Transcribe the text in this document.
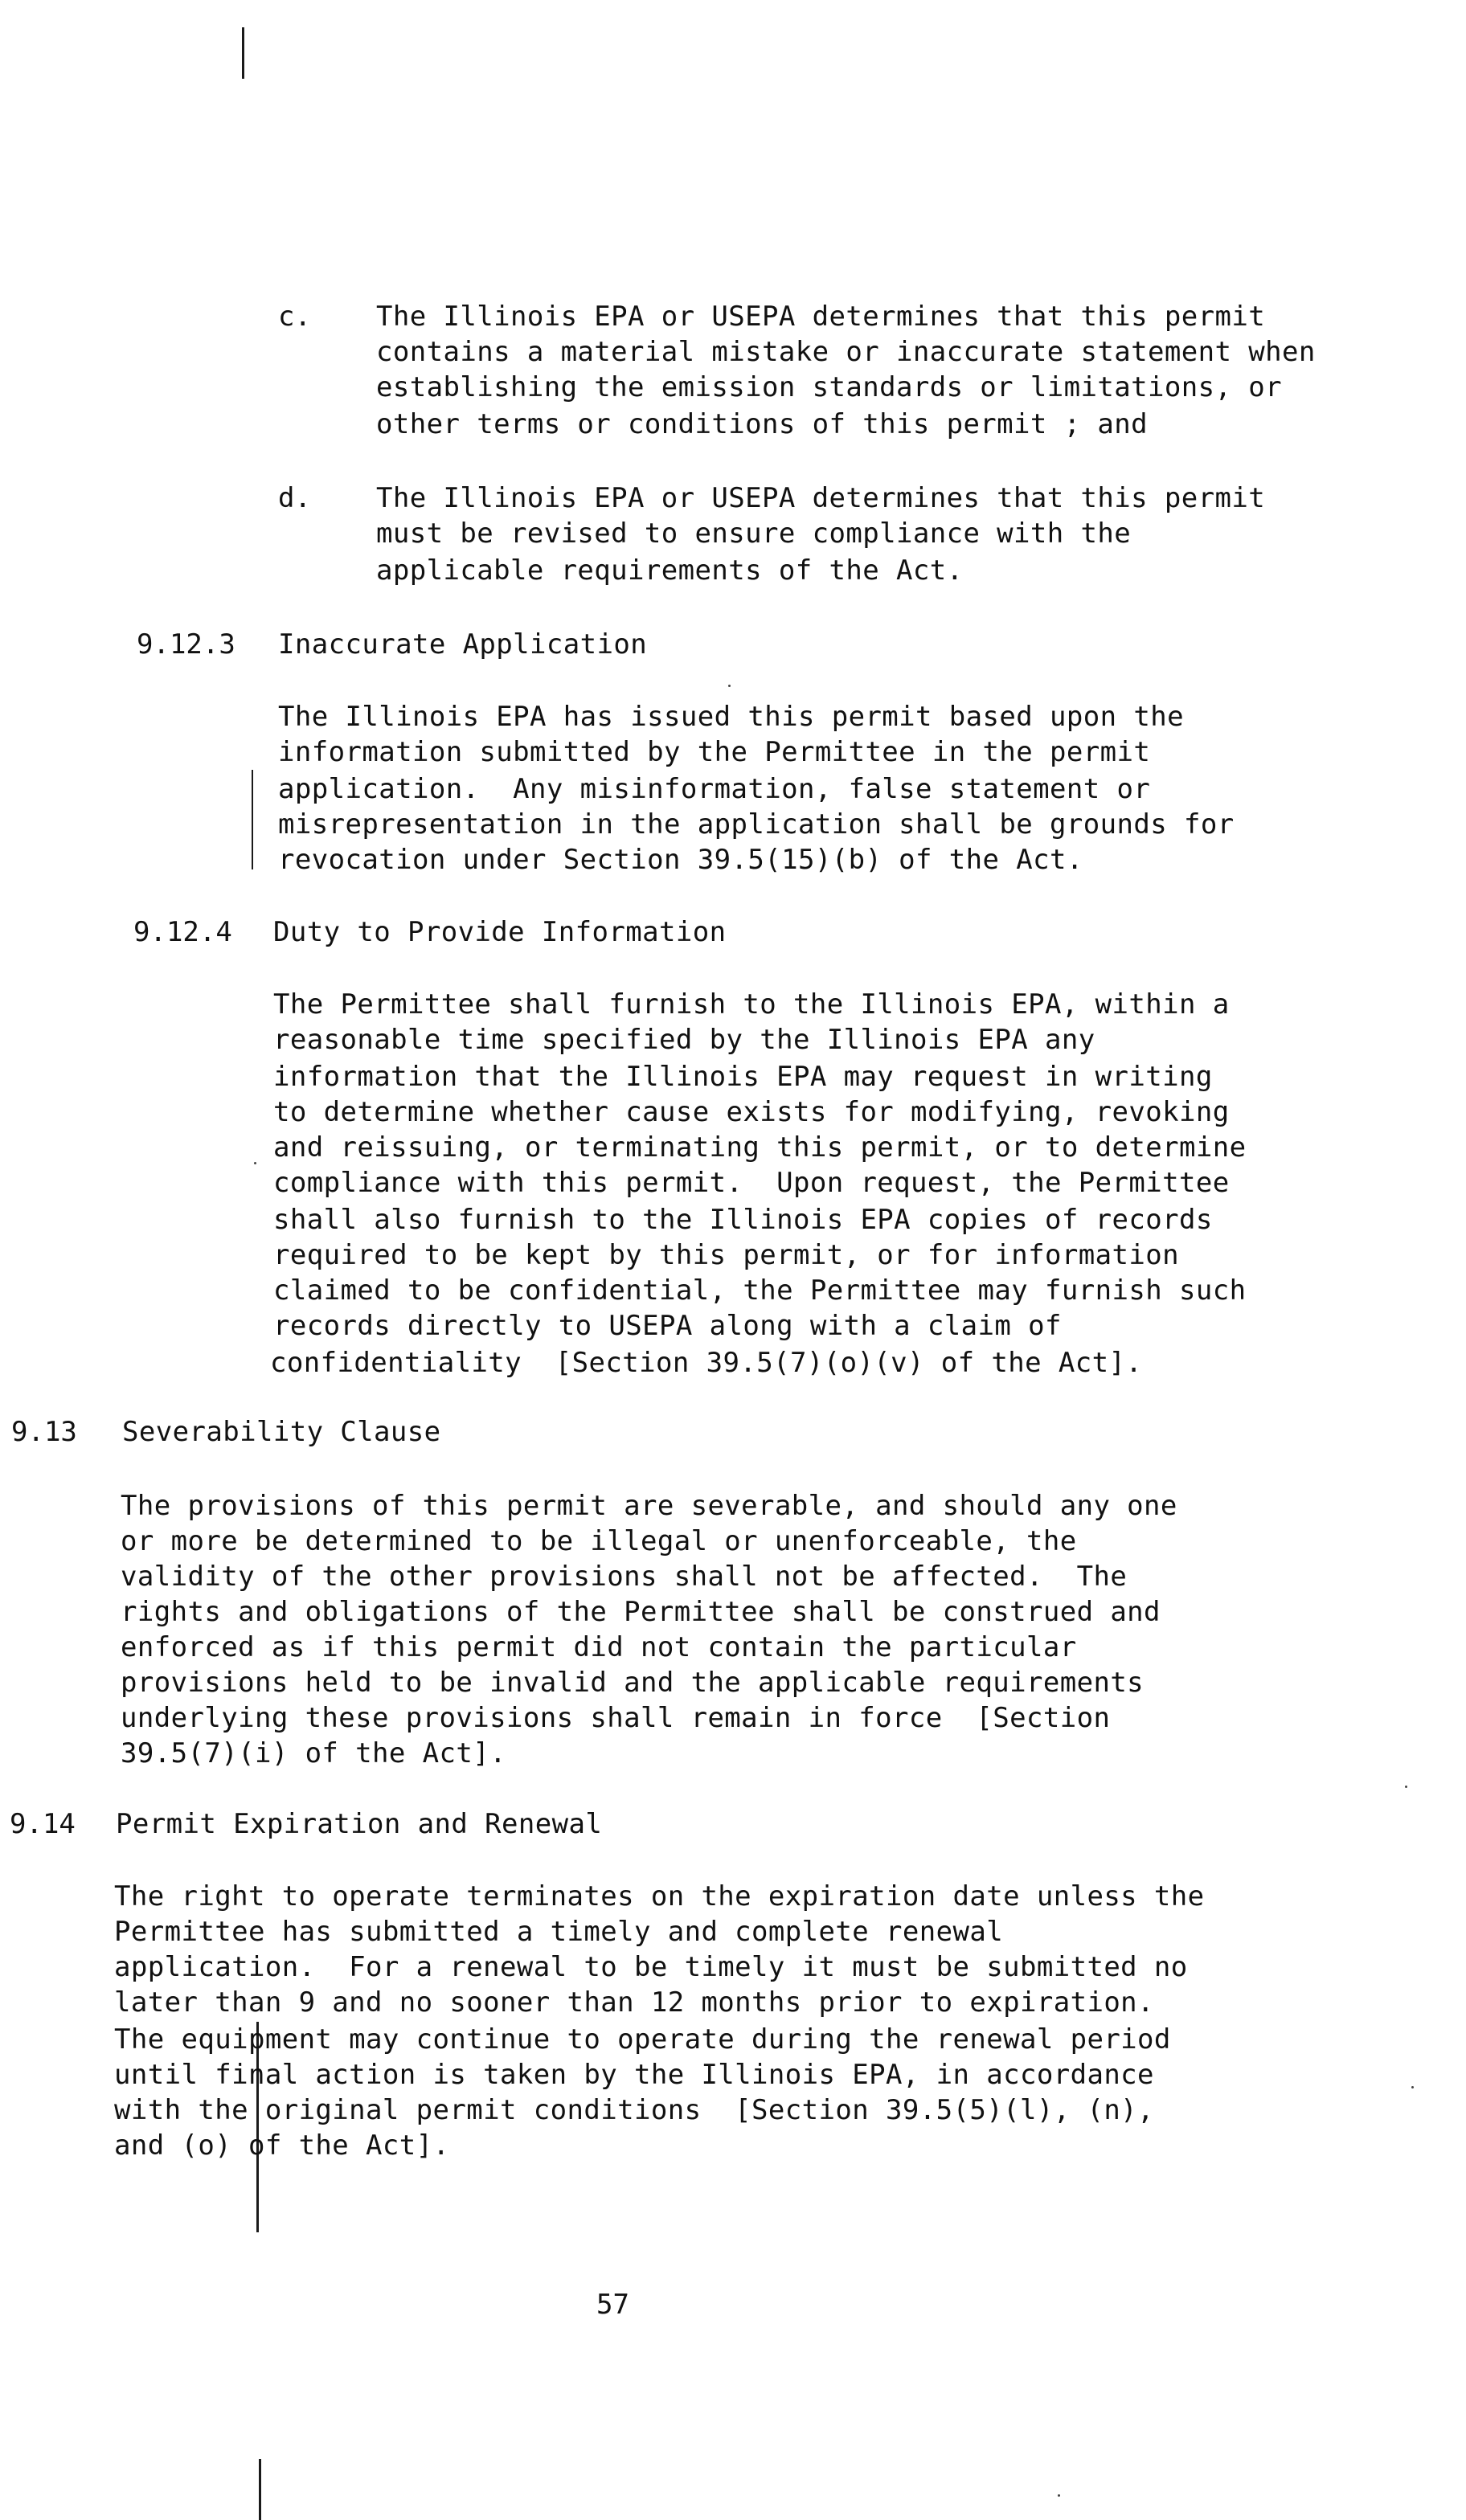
c. The Illinois EPA or USEPA determines that this permit
contains a material mistake or inaccurate statement when
establishing the emission standards or limitations, or
other terms or conditions of this permit ; and
d. The Illinois EPA or USEPA determines that this permit
must be revised to ensure compliance with the
applicable requirements of the Act.
9.12.3 Inaccurate Application
The Illinois EPA has issued this permit based upon the
information submitted by the Permittee in the permit
application.  Any misinformation, false statement or
misrepresentation in the application shall be grounds for
revocation under Section 39.5(15)(b) of the Act.
9.12.4 Duty to Provide Information
The Permittee shall furnish to the Illinois EPA, within a
reasonable time specified by the Illinois EPA any
information that the Illinois EPA may request in writing
to determine whether cause exists for modifying, revoking
and reissuing, or terminating this permit, or to determine
compliance with this permit.  Upon request, the Permittee
shall also furnish to the Illinois EPA copies of records
required to be kept by this permit, or for information
claimed to be confidential, the Permittee may furnish such
records directly to USEPA along with a claim of
confidentiality  [Section 39.5(7)(o)(v) of the Act].
9.13 Severability Clause
The provisions of this permit are severable, and should any one
or more be determined to be illegal or unenforceable, the
validity of the other provisions shall not be affected.  The
rights and obligations of the Permittee shall be construed and
enforced as if this permit did not contain the particular
provisions held to be invalid and the applicable requirements
underlying these provisions shall remain in force  [Section
39.5(7)(i) of the Act].
9.14 Permit Expiration and Renewal
The right to operate terminates on the expiration date unless the
Permittee has submitted a timely and complete renewal
application.  For a renewal to be timely it must be submitted no
later than 9 and no sooner than 12 months prior to expiration.
The equipment may continue to operate during the renewal period
until final action is taken by the Illinois EPA, in accordance
with the original permit conditions  [Section 39.5(5)(l), (n),
and (o) of the Act].
57
